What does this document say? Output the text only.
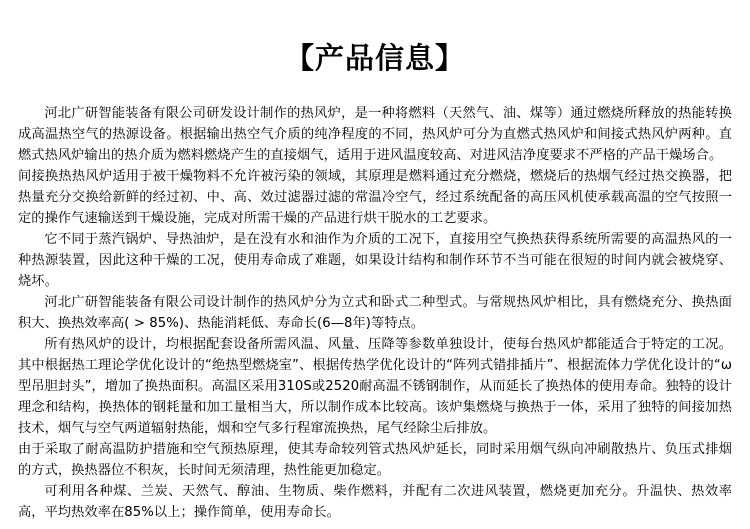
【产品信息】

河北广研智能装备有限公司研发设计制作的热风炉，是一种将燃料（天然气、油、煤等）通过燃烧所释放的热能转换成高温热空气的热源设备。根据输出热空气介质的纯净程度的不同，热风炉可分为直燃式热风炉和间接式热风炉两种。直燃式热风炉输出的热介质为燃料燃烧产生的直接烟气，适用于进风温度较高、对进风洁净度要求不严格的产品干燥场合。

间接换热热风炉适用于被干燥物料不允许被污染的领域，其原理是燃料通过充分燃烧，燃烧后的热烟气经过热交换器，把热量充分交换给新鲜的经过初、中、高、效过滤器过滤的常温冷空气，经过系统配备的高压风机使承载高温的空气按照一定的操作气速输送到干燥设施，完成对所需干燥的产品进行烘干脱水的工艺要求。

它不同于蒸汽锅炉、导热油炉，是在没有水和油作为介质的工况下，直接用空气换热获得系统所需要的高温热风的一种热源装置，因此这种干燥的工况，使用寿命成了难题，如果设计结构和制作环节不当可能在很短的时间内就会被烧穿、烧坏。

河北广研智能装备有限公司设计制作的热风炉分为立式和卧式二种型式。与常规热风炉相比，具有燃烧充分、换热面积大、换热效率高( > 85%)、热能消耗低、寿命长(6—8年)等特点。

所有热风炉的设计，均根据配套设备所需风温、风量、压降等参数单独设计，使每台热风炉都能适合于特定的工况。其中根据热工理论学优化设计的“绝热型燃烧室”、根据传热学优化设计的“阵列式错排插片”、根据流体力学优化设计的“ω型吊胆封头”，增加了换热面积。高温区采用310S或2520耐高温不锈钢制作，从而延长了换热体的使用寿命。独特的设计理念和结构，换热体的钢耗量和加工量相当大，所以制作成本比较高。该炉集燃烧与换热于一体，采用了独特的间接加热技术，烟气与空气两道辐射热能，烟和空气多行程窜流换热，尾气经除尘后排放。

由于采取了耐高温防护措施和空气预热原理，使其寿命较列管式热风炉延长，同时采用烟气纵向冲刷散热片、负压式排烟的方式，换热器位不积灰，长时间无须清理，热性能更加稳定。

可利用各种煤、兰炭、天然气、醇油、生物质、柴作燃料，并配有二次进风装置，燃烧更加充分。升温快、热效率高，平均热效率在85%以上；操作简单，使用寿命长。
